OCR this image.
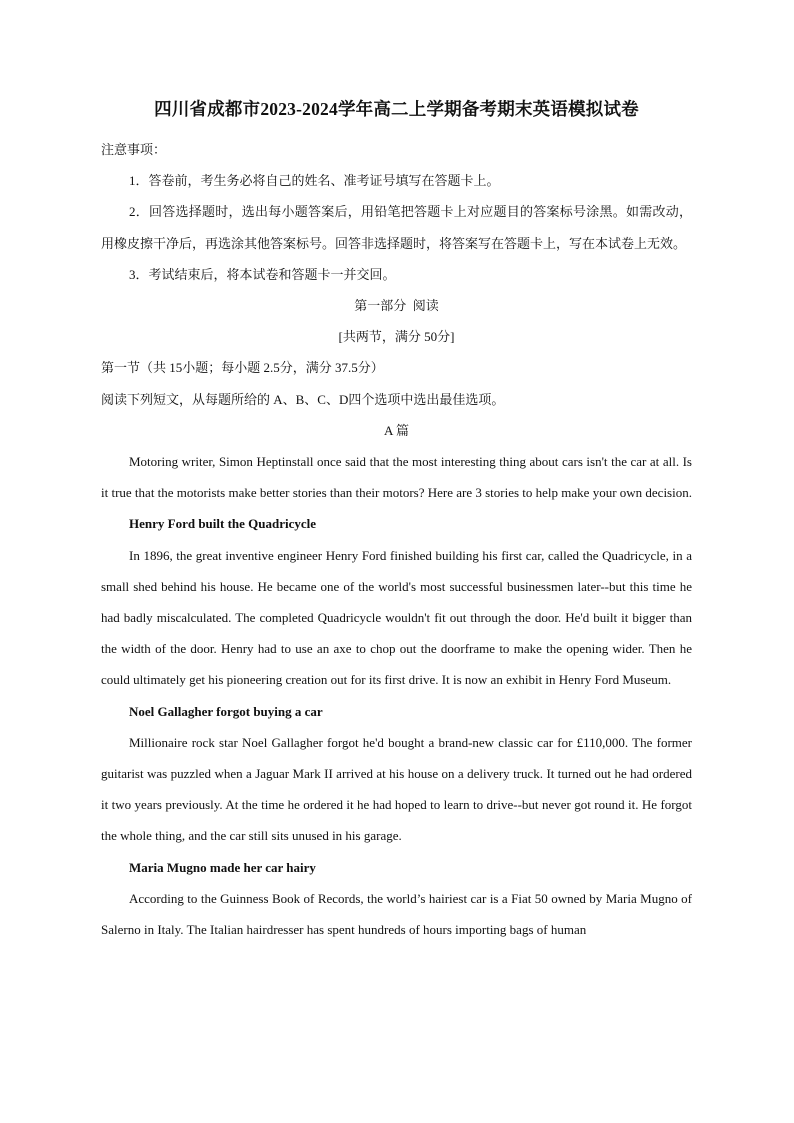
四川省成都市2023-2024学年高二上学期备考期末英语模拟试卷

注意事项：

1．答卷前，考生务必将自己的姓名、准考证号填写在答题卡上。

2．回答选择题时，选出每小题答案后，用铅笔把答题卡上对应题目的答案标号涂黑。如需改动，用橡皮擦干净后，再选涂其他答案标号。回答非选择题时，将答案写在答题卡上，写在本试卷上无效。

3．考试结束后，将本试卷和答题卡一并交回。

第一部分  阅读

[共两节，满分 50分]

第一节（共 15小题；每小题 2.5分，满分 37.5分）

阅读下列短文，从每题所给的 A、B、C、D四个选项中选出最佳选项。

A 篇

Motoring writer, Simon Heptinstall once said that the most interesting thing about cars isn't the car at all. Is it true that the motorists make better stories than their motors? Here are 3 stories to help make your own decision.

Henry Ford built the Quadricycle

In 1896, the great inventive engineer Henry Ford finished building his first car, called the Quadricycle, in a small shed behind his house. He became one of the world's most successful businessmen later--but this time he had badly miscalculated. The completed Quadricycle wouldn't fit out through the door. He'd built it bigger than the width of the door. Henry had to use an axe to chop out the doorframe to make the opening wider. Then he could ultimately get his pioneering creation out for its first drive. It is now an exhibit in Henry Ford Museum.

Noel Gallagher forgot buying a car

Millionaire rock star Noel Gallagher forgot he'd bought a brand-new classic car for £110,000. The former guitarist was puzzled when a Jaguar Mark II arrived at his house on a delivery truck. It turned out he had ordered it two years previously. At the time he ordered it he had hoped to learn to drive--but never got round it. He forgot the whole thing, and the car still sits unused in his garage.

Maria Mugno made her car hairy

According to the Guinness Book of Records, the world’s hairiest car is a Fiat 50 owned by Maria Mugno of Salerno in Italy. The Italian hairdresser has spent hundreds of hours importing bags of human
